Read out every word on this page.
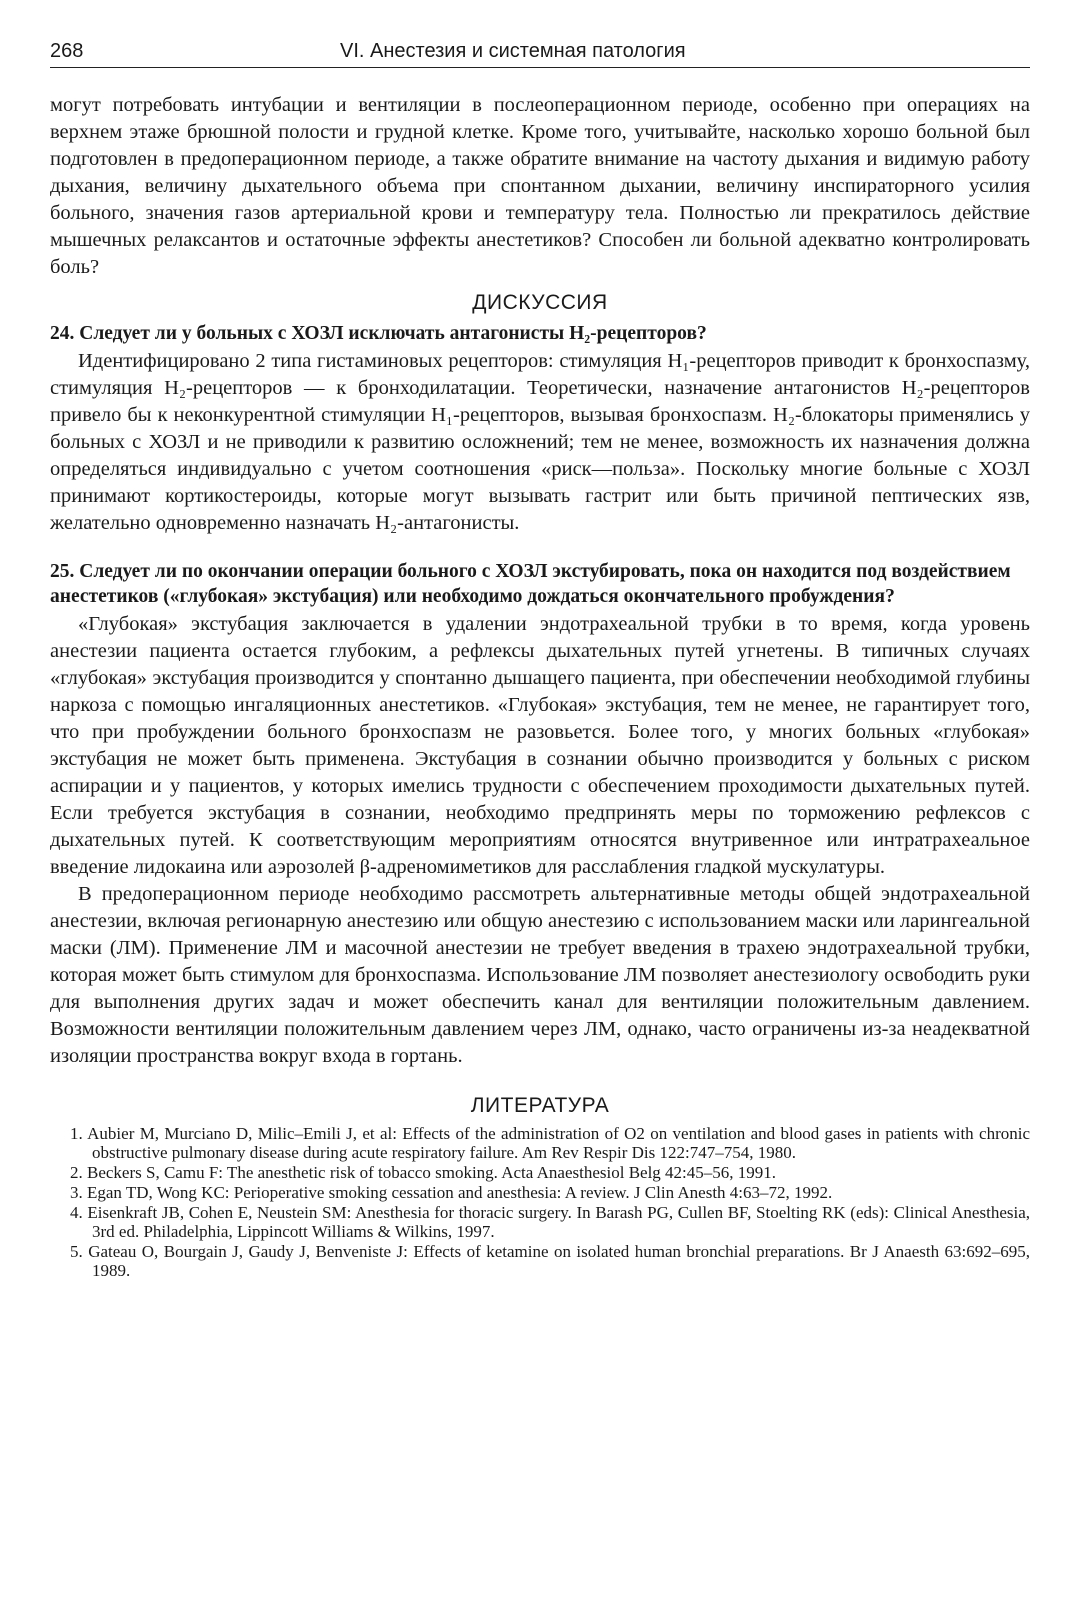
268	VI. Анестезия и системная патология

могут потребовать интубации и вентиляции в послеоперационном периоде, особенно при операциях на верхнем этаже брюшной полости и грудной клетке. Кроме того, учитывайте, насколько хорошо больной был подготовлен в предоперационном периоде, а также обратите внимание на частоту дыхания и видимую работу дыхания, величину дыхательного объема при спонтанном дыхании, величину инспираторного усилия больного, значения газов артериальной крови и температуру тела. Полностью ли прекратилось действие мышечных релаксантов и остаточные эффекты анестетиков? Способен ли больной адекватно контролировать боль?

ДИСКУССИЯ

24. Следует ли у больных с ХОЗЛ исключать антагонисты H₂-рецепторов?

Идентифицировано 2 типа гистаминовых рецепторов: стимуляция H₁-рецепторов приводит к бронхоспазму, стимуляция H₂-рецепторов — к бронходилатации. Теоретически, назначение антагонистов H₂-рецепторов привело бы к неконкурентной стимуляции H₁-рецепторов, вызывая бронхоспазм. H₂-блокаторы применялись у больных с ХОЗЛ и не приводили к развитию осложнений; тем не менее, возможность их назначения должна определяться индивидуально с учетом соотношения «риск—польза». Поскольку многие больные с ХОЗЛ принимают кортикостероиды, которые могут вызывать гастрит или быть причиной пептических язв, желательно одновременно назначать H₂-антагонисты.

25. Следует ли по окончании операции больного с ХОЗЛ экстубировать, пока он находится под воздействием анестетиков («глубокая» экстубация) или необходимо дождаться окончательного пробуждения?

«Глубокая» экстубация заключается в удалении эндотрахеальной трубки в то время, когда уровень анестезии пациента остается глубоким, а рефлексы дыхательных путей угнетены. В типичных случаях «глубокая» экстубация производится у спонтанно дышащего пациента, при обеспечении необходимой глубины наркоза с помощью ингаляционных анестетиков. «Глубокая» экстубация, тем не менее, не гарантирует того, что при пробуждении больного бронхоспазм не разовьется. Более того, у многих больных «глубокая» экстубация не может быть применена. Экстубация в сознании обычно производится у больных с риском аспирации и у пациентов, у которых имелись трудности с обеспечением проходимости дыхательных путей. Если требуется экстубация в сознании, необходимо предпринять меры по торможению рефлексов с дыхательных путей. К соответствующим мероприятиям относятся внутривенное или интратрахеальное введение лидокаина или аэрозолей β-адреномиметиков для расслабления гладкой мускулатуры.

В предоперационном периоде необходимо рассмотреть альтернативные методы общей эндотрахеальной анестезии, включая регионарную анестезию или общую анестезию с использованием маски или ларингеальной маски (ЛМ). Применение ЛМ и масочной анестезии не требует введения в трахею эндотрахеальной трубки, которая может быть стимулом для бронхоспазма. Использование ЛМ позволяет анестезиологу освободить руки для выполнения других задач и может обеспечить канал для вентиляции положительным давлением. Возможности вентиляции положительным давлением через ЛМ, однако, часто ограничены из-за неадекватной изоляции пространства вокруг входа в гортань.

ЛИТЕРАТУРА
1. Aubier M, Murciano D, Milic–Emili J, et al: Effects of the administration of O2 on ventilation and blood gases in patients with chronic obstructive pulmonary disease during acute respiratory failure. Am Rev Respir Dis 122:747–754, 1980.
2. Beckers S, Camu F: The anesthetic risk of tobacco smoking. Acta Anaesthesiol Belg 42:45–56, 1991.
3. Egan TD, Wong KC: Perioperative smoking cessation and anesthesia: A review. J Clin Anesth 4:63–72, 1992.
4. Eisenkraft JB, Cohen E, Neustein SM: Anesthesia for thoracic surgery. In Barash PG, Cullen BF, Stoelting RK (eds): Clinical Anesthesia, 3rd ed. Philadelphia, Lippincott Williams & Wilkins, 1997.
5. Gateau O, Bourgain J, Gaudy J, Benveniste J: Effects of ketamine on isolated human bronchial preparations. Br J Anaesth 63:692–695, 1989.
